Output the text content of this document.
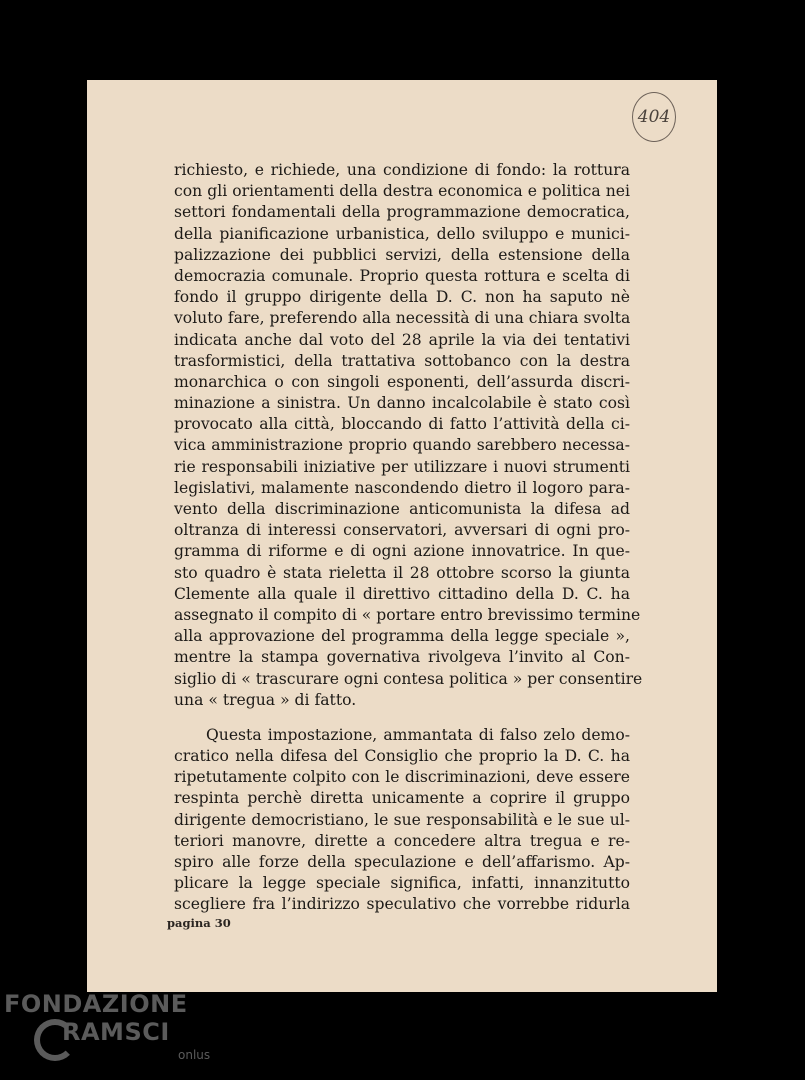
404
richiesto, e richiede, una condizione di fondo: la rottura
con gli orientamenti della destra economica e politica nei
settori fondamentali della programmazione democratica,
della pianificazione urbanistica, dello sviluppo e munici-
palizzazione dei pubblici servizi, della estensione della
democrazia comunale. Proprio questa rottura e scelta di
fondo il gruppo dirigente della D. C. non ha saputo nè
voluto fare, preferendo alla necessità di una chiara svolta
indicata anche dal voto del 28 aprile la via dei tentativi
trasformistici, della trattativa sottobanco con la destra
monarchica o con singoli esponenti, dell’assurda discri-
minazione a sinistra. Un danno incalcolabile è stato così
provocato alla città, bloccando di fatto l’attività della ci-
vica amministrazione proprio quando sarebbero necessa-
rie responsabili iniziative per utilizzare i nuovi strumenti
legislativi, malamente nascondendo dietro il logoro para-
vento della discriminazione anticomunista la difesa ad
oltranza di interessi conservatori, avversari di ogni pro-
gramma di riforme e di ogni azione innovatrice. In que-
sto quadro è stata rieletta il 28 ottobre scorso la giunta
Clemente alla quale il direttivo cittadino della D. C. ha
assegnato il compito di « portare entro brevissimo termine
alla approvazione del programma della legge speciale »,
mentre la stampa governativa rivolgeva l’invito al Con-
siglio di « trascurare ogni contesa politica » per consentire
una « tregua » di fatto.
Questa impostazione, ammantata di falso zelo demo-
cratico nella difesa del Consiglio che proprio la D. C. ha
ripetutamente colpito con le discriminazioni, deve essere
respinta perchè diretta unicamente a coprire il gruppo
dirigente democristiano, le sue responsabilità e le sue ul-
teriori manovre, dirette a concedere altra tregua e re-
spiro alle forze della speculazione e dell’affarismo. Ap-
plicare la legge speciale significa, infatti, innanzitutto
scegliere fra l’indirizzo speculativo che vorrebbe ridurla
pagina 30
FONDAZIONE
RAMSCI
onlus
